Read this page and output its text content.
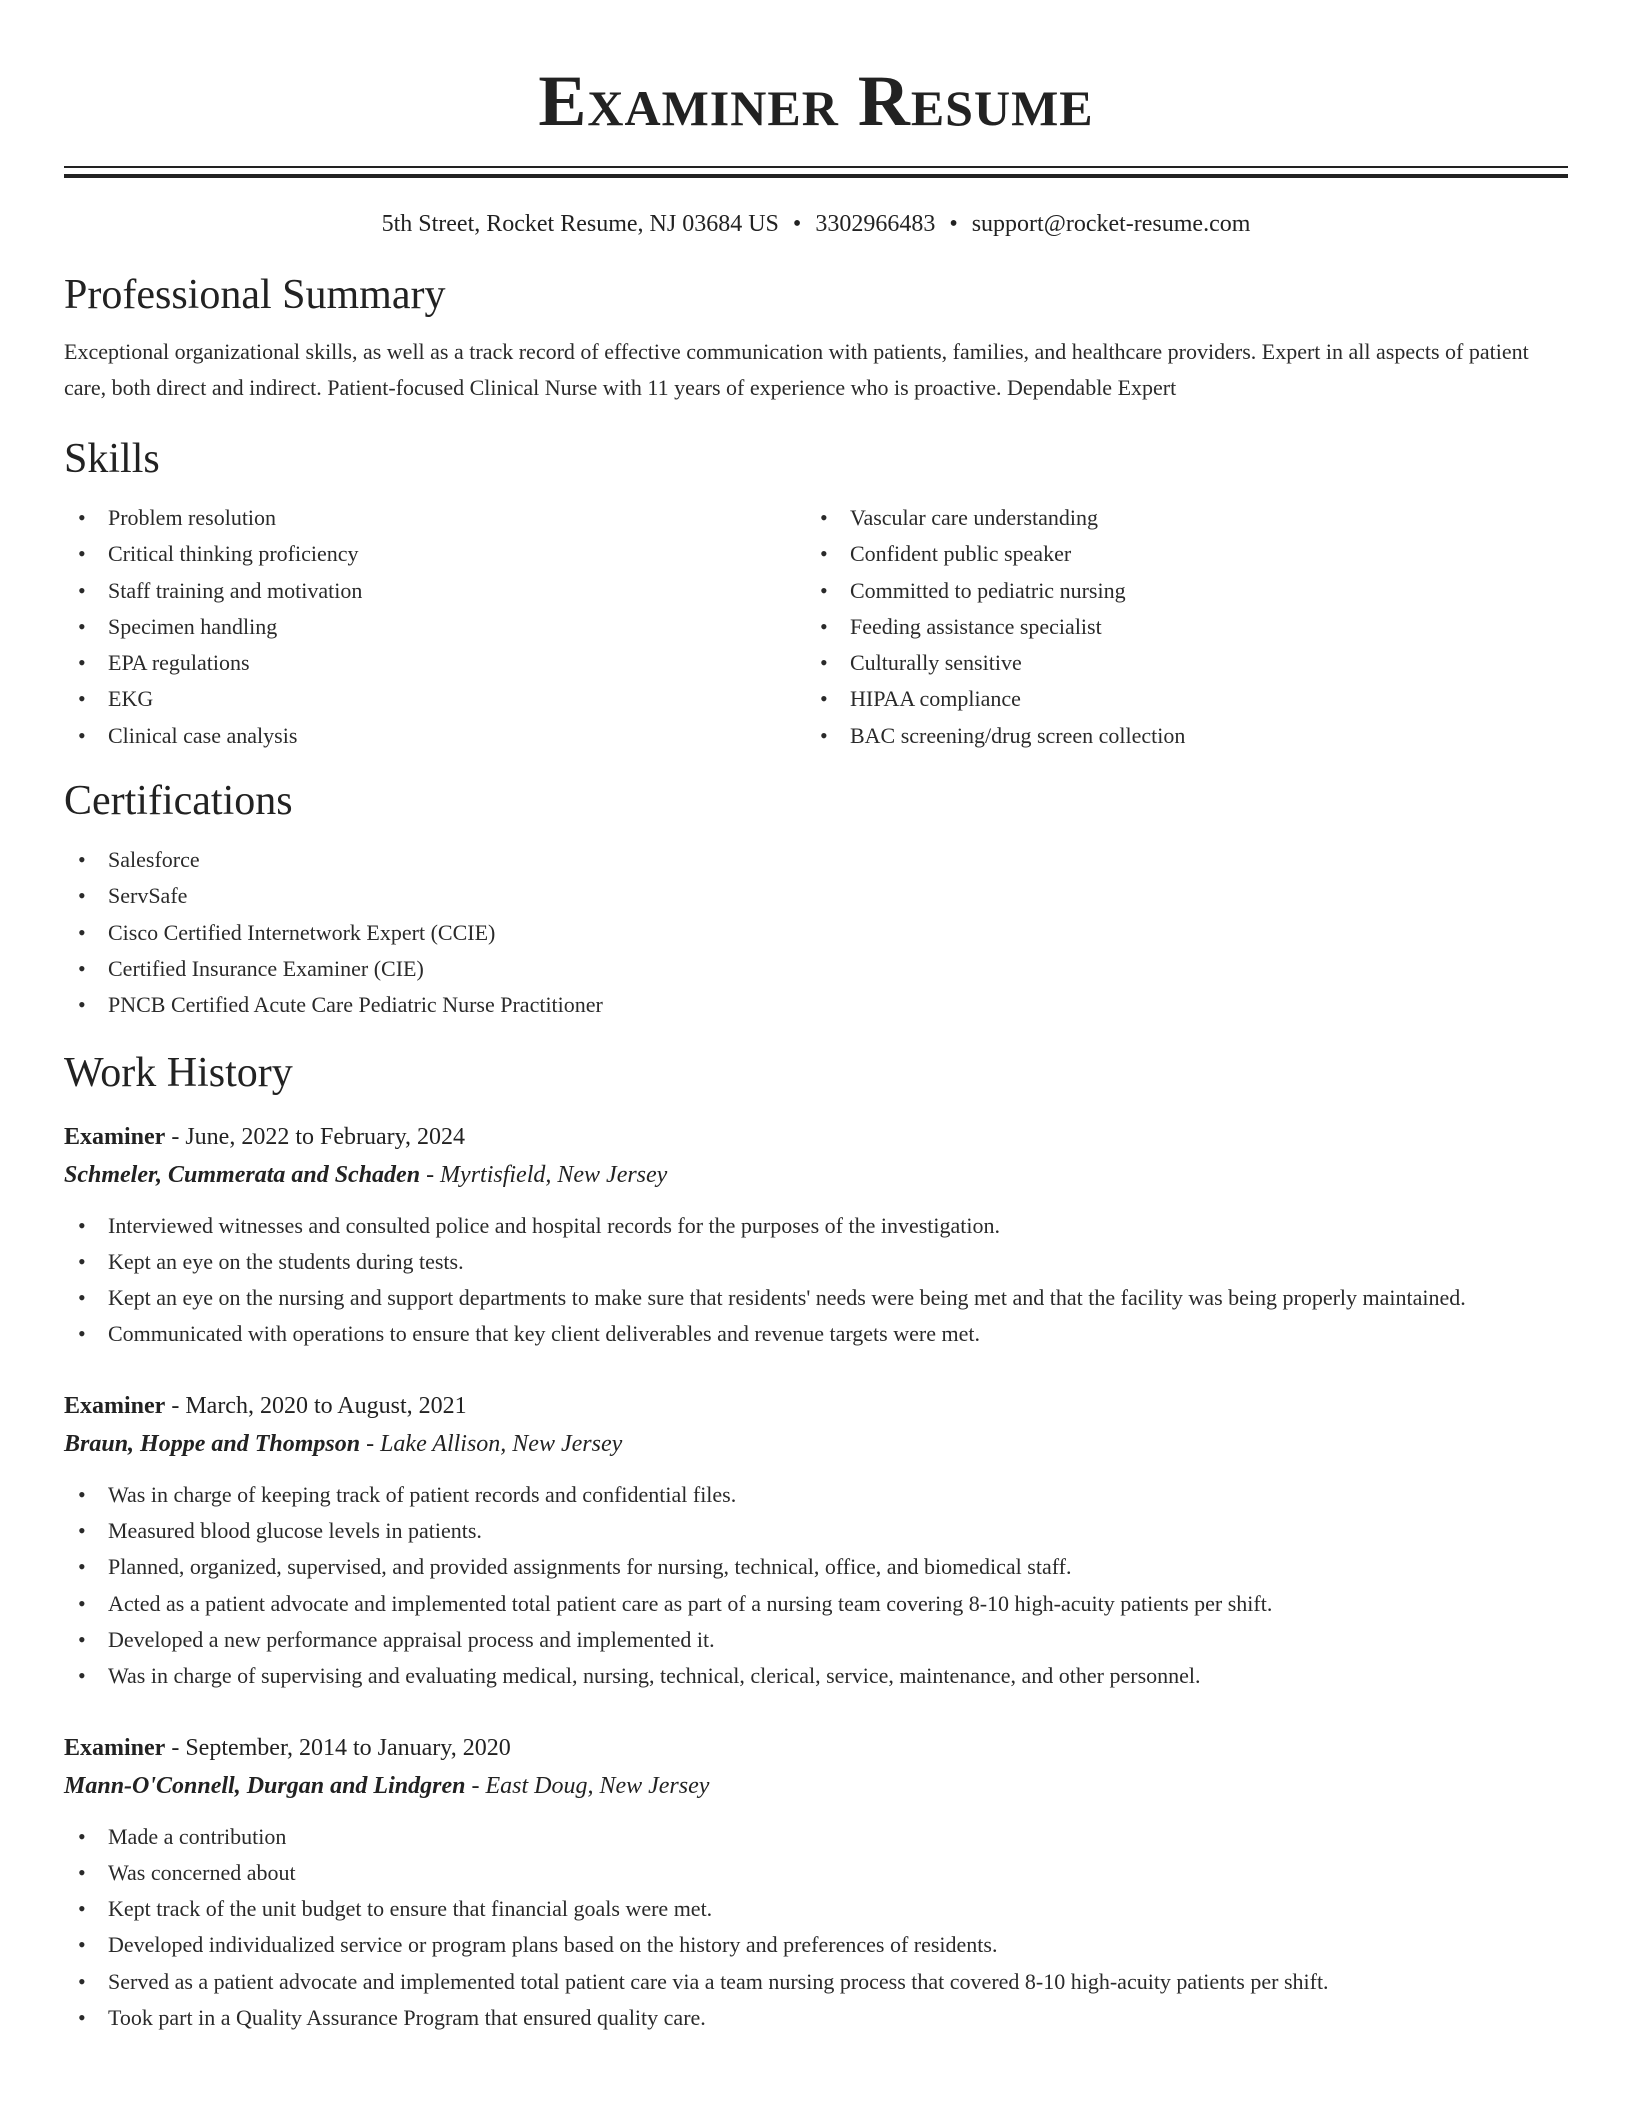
Examiner Resume
5th Street, Rocket Resume, NJ 03684 US • 3302966483 • support@rocket-resume.com
Professional Summary

Exceptional organizational skills, as well as a track record of effective communication with patients, families, and healthcare providers. Expert in all aspects of patient care, both direct and indirect. Patient-focused Clinical Nurse with 11 years of experience who is proactive. Dependable Expert

Skills
• Problem resolution
• Critical thinking proficiency
• Staff training and motivation
• Specimen handling
• EPA regulations
• EKG
• Clinical case analysis
• Vascular care understanding
• Confident public speaker
• Committed to pediatric nursing
• Feeding assistance specialist
• Culturally sensitive
• HIPAA compliance
• BAC screening/drug screen collection
Certifications
• Salesforce
• ServSafe
• Cisco Certified Internetwork Expert (CCIE)
• Certified Insurance Examiner (CIE)
• PNCB Certified Acute Care Pediatric Nurse Practitioner
Work History
Examiner - June, 2022 to February, 2024
Schmeler, Cummerata and Schaden - Myrtisfield, New Jersey
• Interviewed witnesses and consulted police and hospital records for the purposes of the investigation.
• Kept an eye on the students during tests.
• Kept an eye on the nursing and support departments to make sure that residents' needs were being met and that the facility was being properly maintained.
• Communicated with operations to ensure that key client deliverables and revenue targets were met.
Examiner - March, 2020 to August, 2021
Braun, Hoppe and Thompson - Lake Allison, New Jersey
• Was in charge of keeping track of patient records and confidential files.
• Measured blood glucose levels in patients.
• Planned, organized, supervised, and provided assignments for nursing, technical, office, and biomedical staff.
• Acted as a patient advocate and implemented total patient care as part of a nursing team covering 8-10 high-acuity patients per shift.
• Developed a new performance appraisal process and implemented it.
• Was in charge of supervising and evaluating medical, nursing, technical, clerical, service, maintenance, and other personnel.
Examiner - September, 2014 to January, 2020
Mann-O'Connell, Durgan and Lindgren - East Doug, New Jersey
• Made a contribution
• Was concerned about
• Kept track of the unit budget to ensure that financial goals were met.
• Developed individualized service or program plans based on the history and preferences of residents.
• Served as a patient advocate and implemented total patient care via a team nursing process that covered 8-10 high-acuity patients per shift.
• Took part in a Quality Assurance Program that ensured quality care.
